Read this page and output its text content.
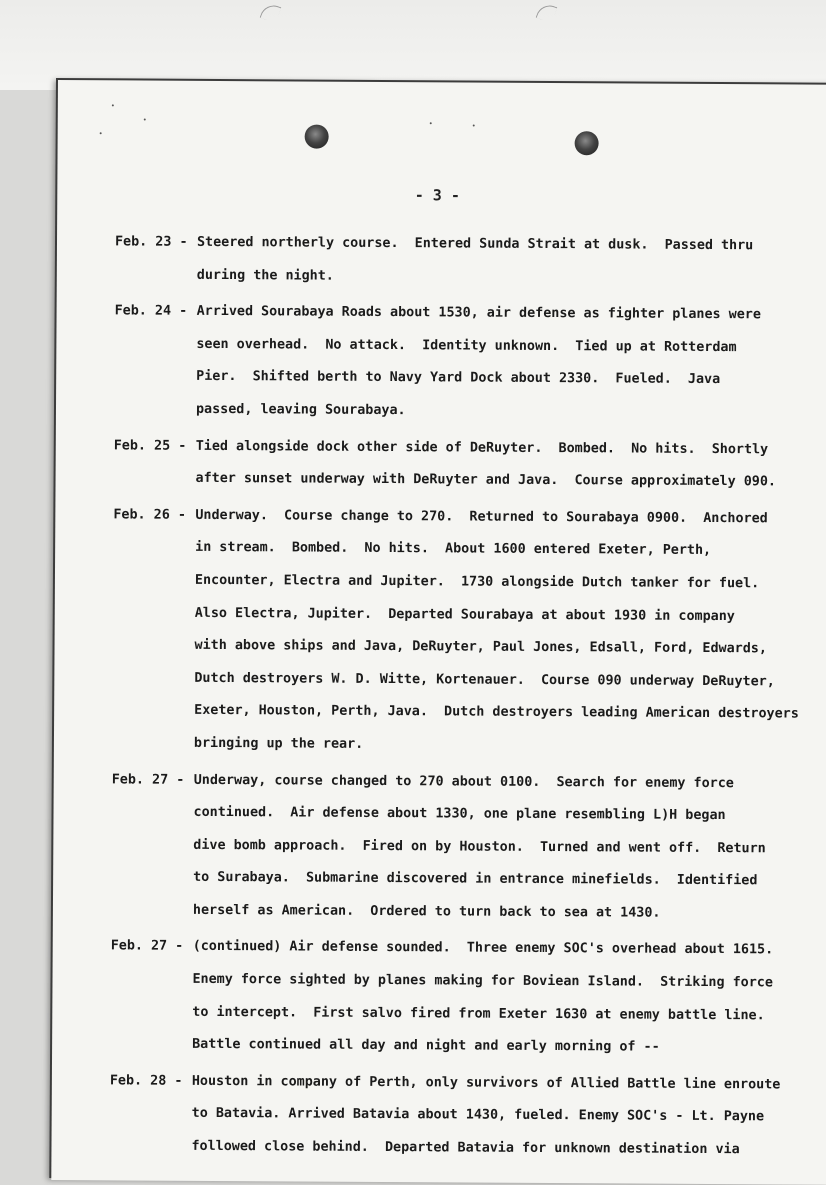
- 3 -
Feb. 23 - Steered northerly course.  Entered Sunda Strait at dusk.  Passed thru
during the night.
Feb. 24 - Arrived Sourabaya Roads about 1530, air defense as fighter planes were
seen overhead.  No attack.  Identity unknown.  Tied up at Rotterdam
Pier.  Shifted berth to Navy Yard Dock about 2330.  Fueled.  Java
passed, leaving Sourabaya.
Feb. 25 - Tied alongside dock other side of DeRuyter.  Bombed.  No hits.  Shortly
after sunset underway with DeRuyter and Java.  Course approximately 090.
Feb. 26 - Underway.  Course change to 270.  Returned to Sourabaya 0900.  Anchored
in stream.  Bombed.  No hits.  About 1600 entered Exeter, Perth,
Encounter, Electra and Jupiter.  1730 alongside Dutch tanker for fuel.
Also Electra, Jupiter.  Departed Sourabaya at about 1930 in company
with above ships and Java, DeRuyter, Paul Jones, Edsall, Ford, Edwards,
Dutch destroyers W. D. Witte, Kortenauer.  Course 090 underway DeRuyter,
Exeter, Houston, Perth, Java.  Dutch destroyers leading American destroyers
bringing up the rear.
Feb. 27 - Underway, course changed to 270 about 0100.  Search for enemy force
continued.  Air defense about 1330, one plane resembling L)H began
dive bomb approach.  Fired on by Houston.  Turned and went off.  Return
to Surabaya.  Submarine discovered in entrance minefields.  Identified
herself as American.  Ordered to turn back to sea at 1430.
Feb. 27 - (continued) Air defense sounded.  Three enemy SOC's overhead about 1615.
Enemy force sighted by planes making for Boviean Island.  Striking force
to intercept.  First salvo fired from Exeter 1630 at enemy battle line.
Battle continued all day and night and early morning of --
Feb. 28 - Houston in company of Perth, only survivors of Allied Battle line enroute
to Batavia. Arrived Batavia about 1430, fueled. Enemy SOC's - Lt. Payne
followed close behind.  Departed Batavia for unknown destination via
